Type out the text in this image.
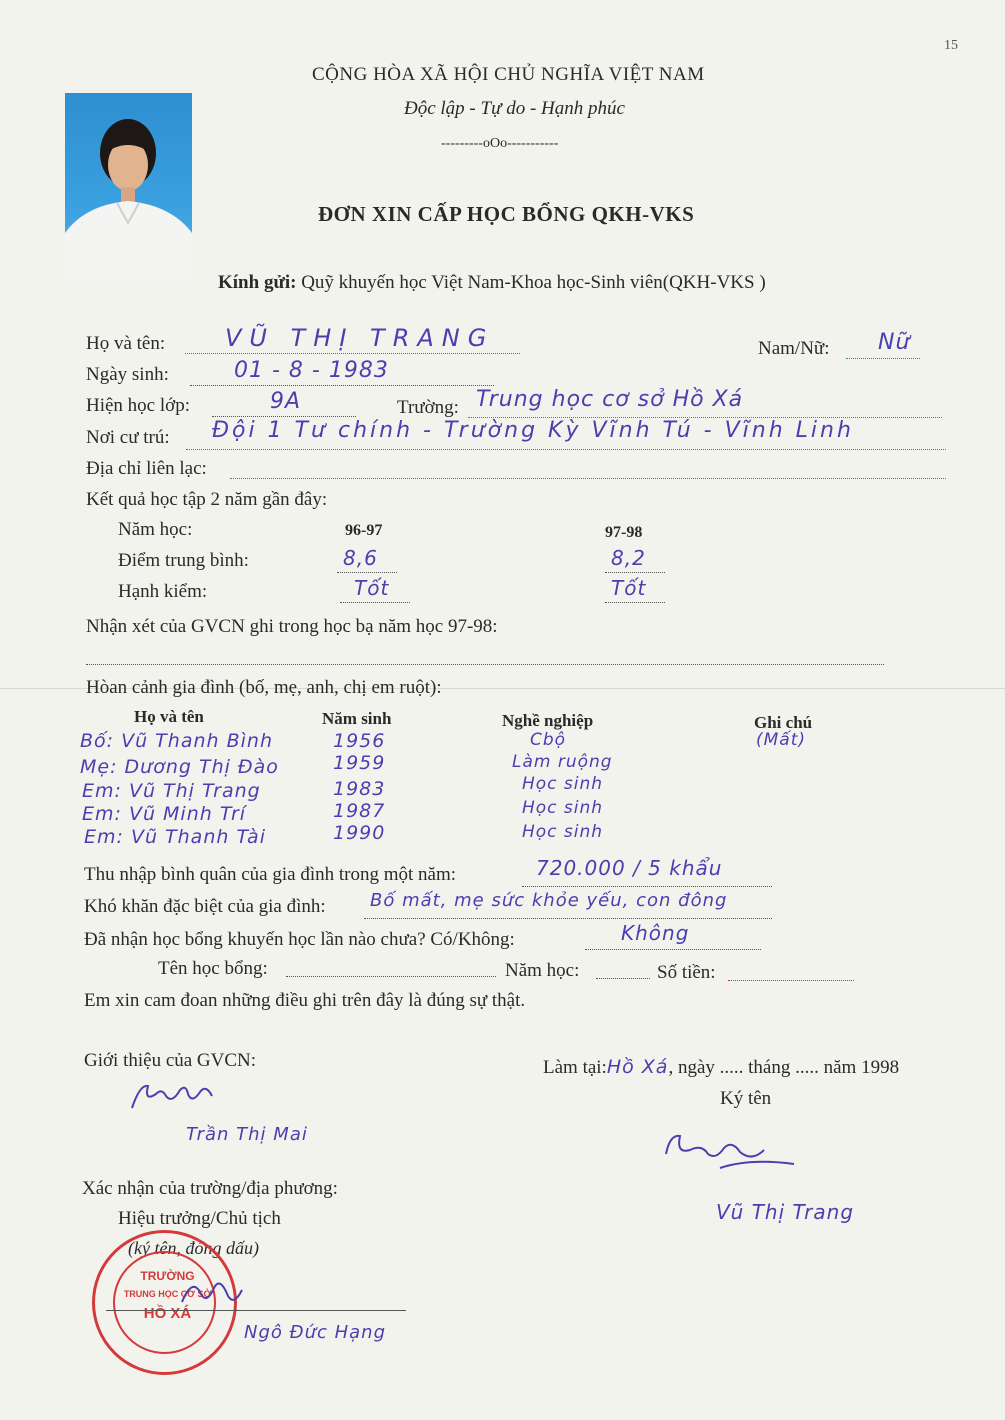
15
CỘNG HÒA XÃ HỘI CHỦ NGHĨA VIỆT NAM
Độc lập - Tự do - Hạnh phúc
---------oOo-----------
ĐƠN XIN CẤP HỌC BỔNG QKH-VKS
Kính gửi: Quỹ khuyến học Việt Nam-Khoa học-Sinh viên(QKH-VKS )
Họ và tên: VŨ THỊ TRANG	Nam/Nữ: Nữ
Ngày sinh:	01 - 8 - 1983
Hiện học lớp:	9A	Trường: Trung học cơ sở Hồ Xá
Nơi cư trú: Đội 1 Tư chính - Trường Kỳ Vĩnh Tú - Vĩnh Linh
Địa chỉ liên lạc:
Kết quả học tập 2 năm gần đây:
Năm học:	96-97	97-98
Điểm trung bình:	8,6	8,2
Hạnh kiểm:	Tốt	Tốt
Nhận xét của GVCN ghi trong học bạ năm học 97-98:
Hòan cảnh gia đình (bố, mẹ, anh, chị em ruột):
Họ và tên	Năm sinh	Nghề nghiệp	Ghi chú
Bố: Vũ Thanh Bình	1956	Cbộ	(Mất)
Mẹ: Dương Thị Đào	1959	Làm ruộng
Em: Vũ Thị Trang	1983	Học sinh
Em: Vũ Minh Trí	1987	Học sinh
Em: Vũ Thanh Tài	1990	Học sinh
Thu nhập bình quân của gia đình trong một năm:	720.000 / 5 khẩu
Khó khăn đặc biệt của gia đình: Bố mất, mẹ sức khỏe yếu, con đông
Đã nhận học bổng khuyến học lần nào chưa? Có/Không:	Không
Tên học bổng:	Năm học:	Số tiền:
Em xin cam đoan những điều ghi trên đây là đúng sự thật.
Giới thiệu của GVCN:
Trần Thị Mai
Làm tại:Hồ Xá, ngày ..... tháng ..... năm 1998
Ký tên
Vũ Thị Trang
Xác nhận của trường/địa phương:
Hiệu trưởng/Chủ tịch
(ký tên, đóng dấu)
TRƯỜNG
TRUNG HỌC CƠ SỞ
HỒ XÁ
Ngô Đức Hạng
